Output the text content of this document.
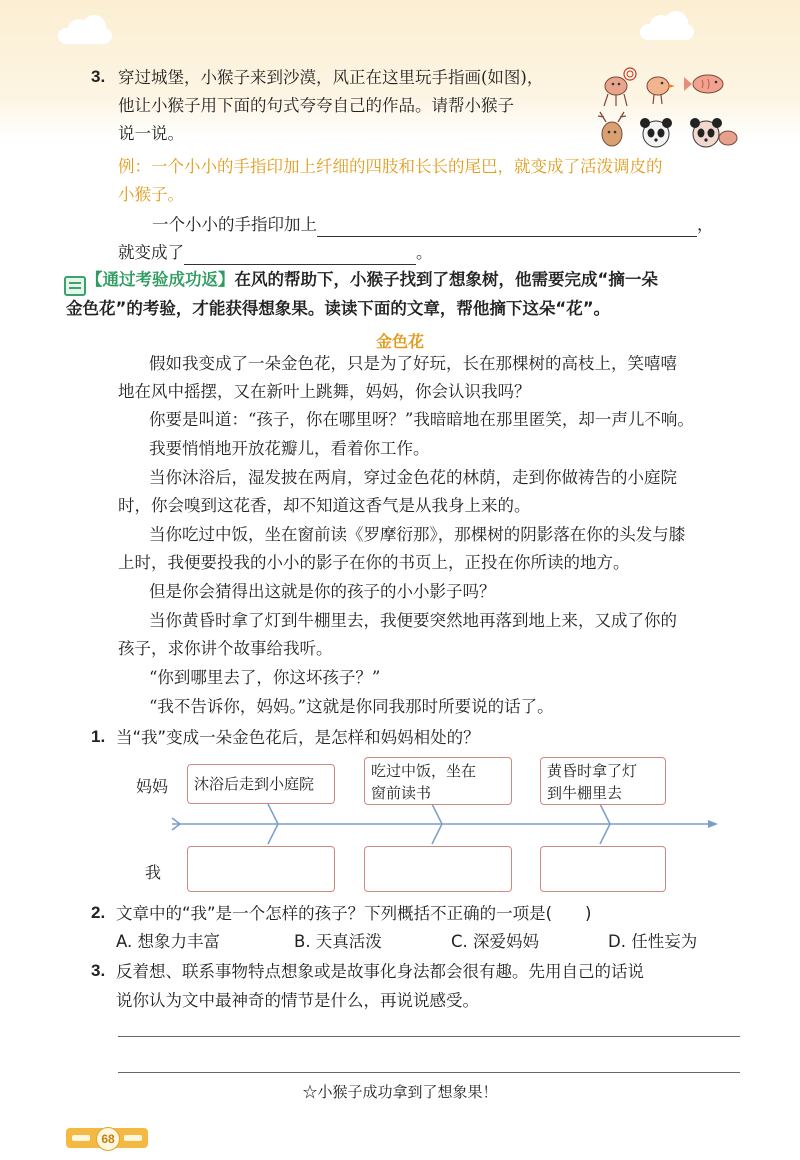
3. 穿过城堡，小猴子来到沙漠，风正在这里玩手指画(如图)，
他让小猴子用下面的句式夸夸自己的作品。请帮小猴子
说一说。
例：一个小小的手指印加上纤细的四肢和长长的尾巴，就变成了活泼调皮的
小猴子。
一个小小的手指印加上	，
就变成了	。
【通过考验成功返】在风的帮助下，小猴子找到了想象树，他需要完成“摘一朵
金色花”的考验，才能获得想象果。读读下面的文章，帮他摘下这朵“花”。
金色花
假如我变成了一朵金色花，只是为了好玩，长在那棵树的高枝上，笑嘻嘻
地在风中摇摆，又在新叶上跳舞，妈妈，你会认识我吗？
你要是叫道：“孩子，你在哪里呀？”我暗暗地在那里匿笑，却一声儿不响。
我要悄悄地开放花瓣儿，看着你工作。
当你沐浴后，湿发披在两肩，穿过金色花的林荫，走到你做祷告的小庭院
时，你会嗅到这花香，却不知道这香气是从我身上来的。
当你吃过中饭，坐在窗前读《罗摩衍那》，那棵树的阴影落在你的头发与膝
上时，我便要投我的小小的影子在你的书页上，正投在你所读的地方。
但是你会猜得出这就是你的孩子的小小影子吗？
当你黄昏时拿了灯到牛棚里去，我便要突然地再落到地上来，又成了你的
孩子，求你讲个故事给我听。
“你到哪里去了，你这坏孩子？”
“我不告诉你，妈妈。”这就是你同我那时所要说的话了。
1. 当“我”变成一朵金色花后，是怎样和妈妈相处的？
妈妈
我
沐浴后走到小庭院
吃过中饭，坐在
窗前读书
黄昏时拿了灯
到牛棚里去
2. 文章中的“我”是一个怎样的孩子？下列概括不正确的一项是(　　)
A. 想象力丰富	B. 天真活泼	C. 深爱妈妈	D. 任性妄为
3. 反着想、联系事物特点想象或是故事化身法都会很有趣。先用自己的话说
说你认为文中最神奇的情节是什么，再说说感受。
☆小猴子成功拿到了想象果！
68
